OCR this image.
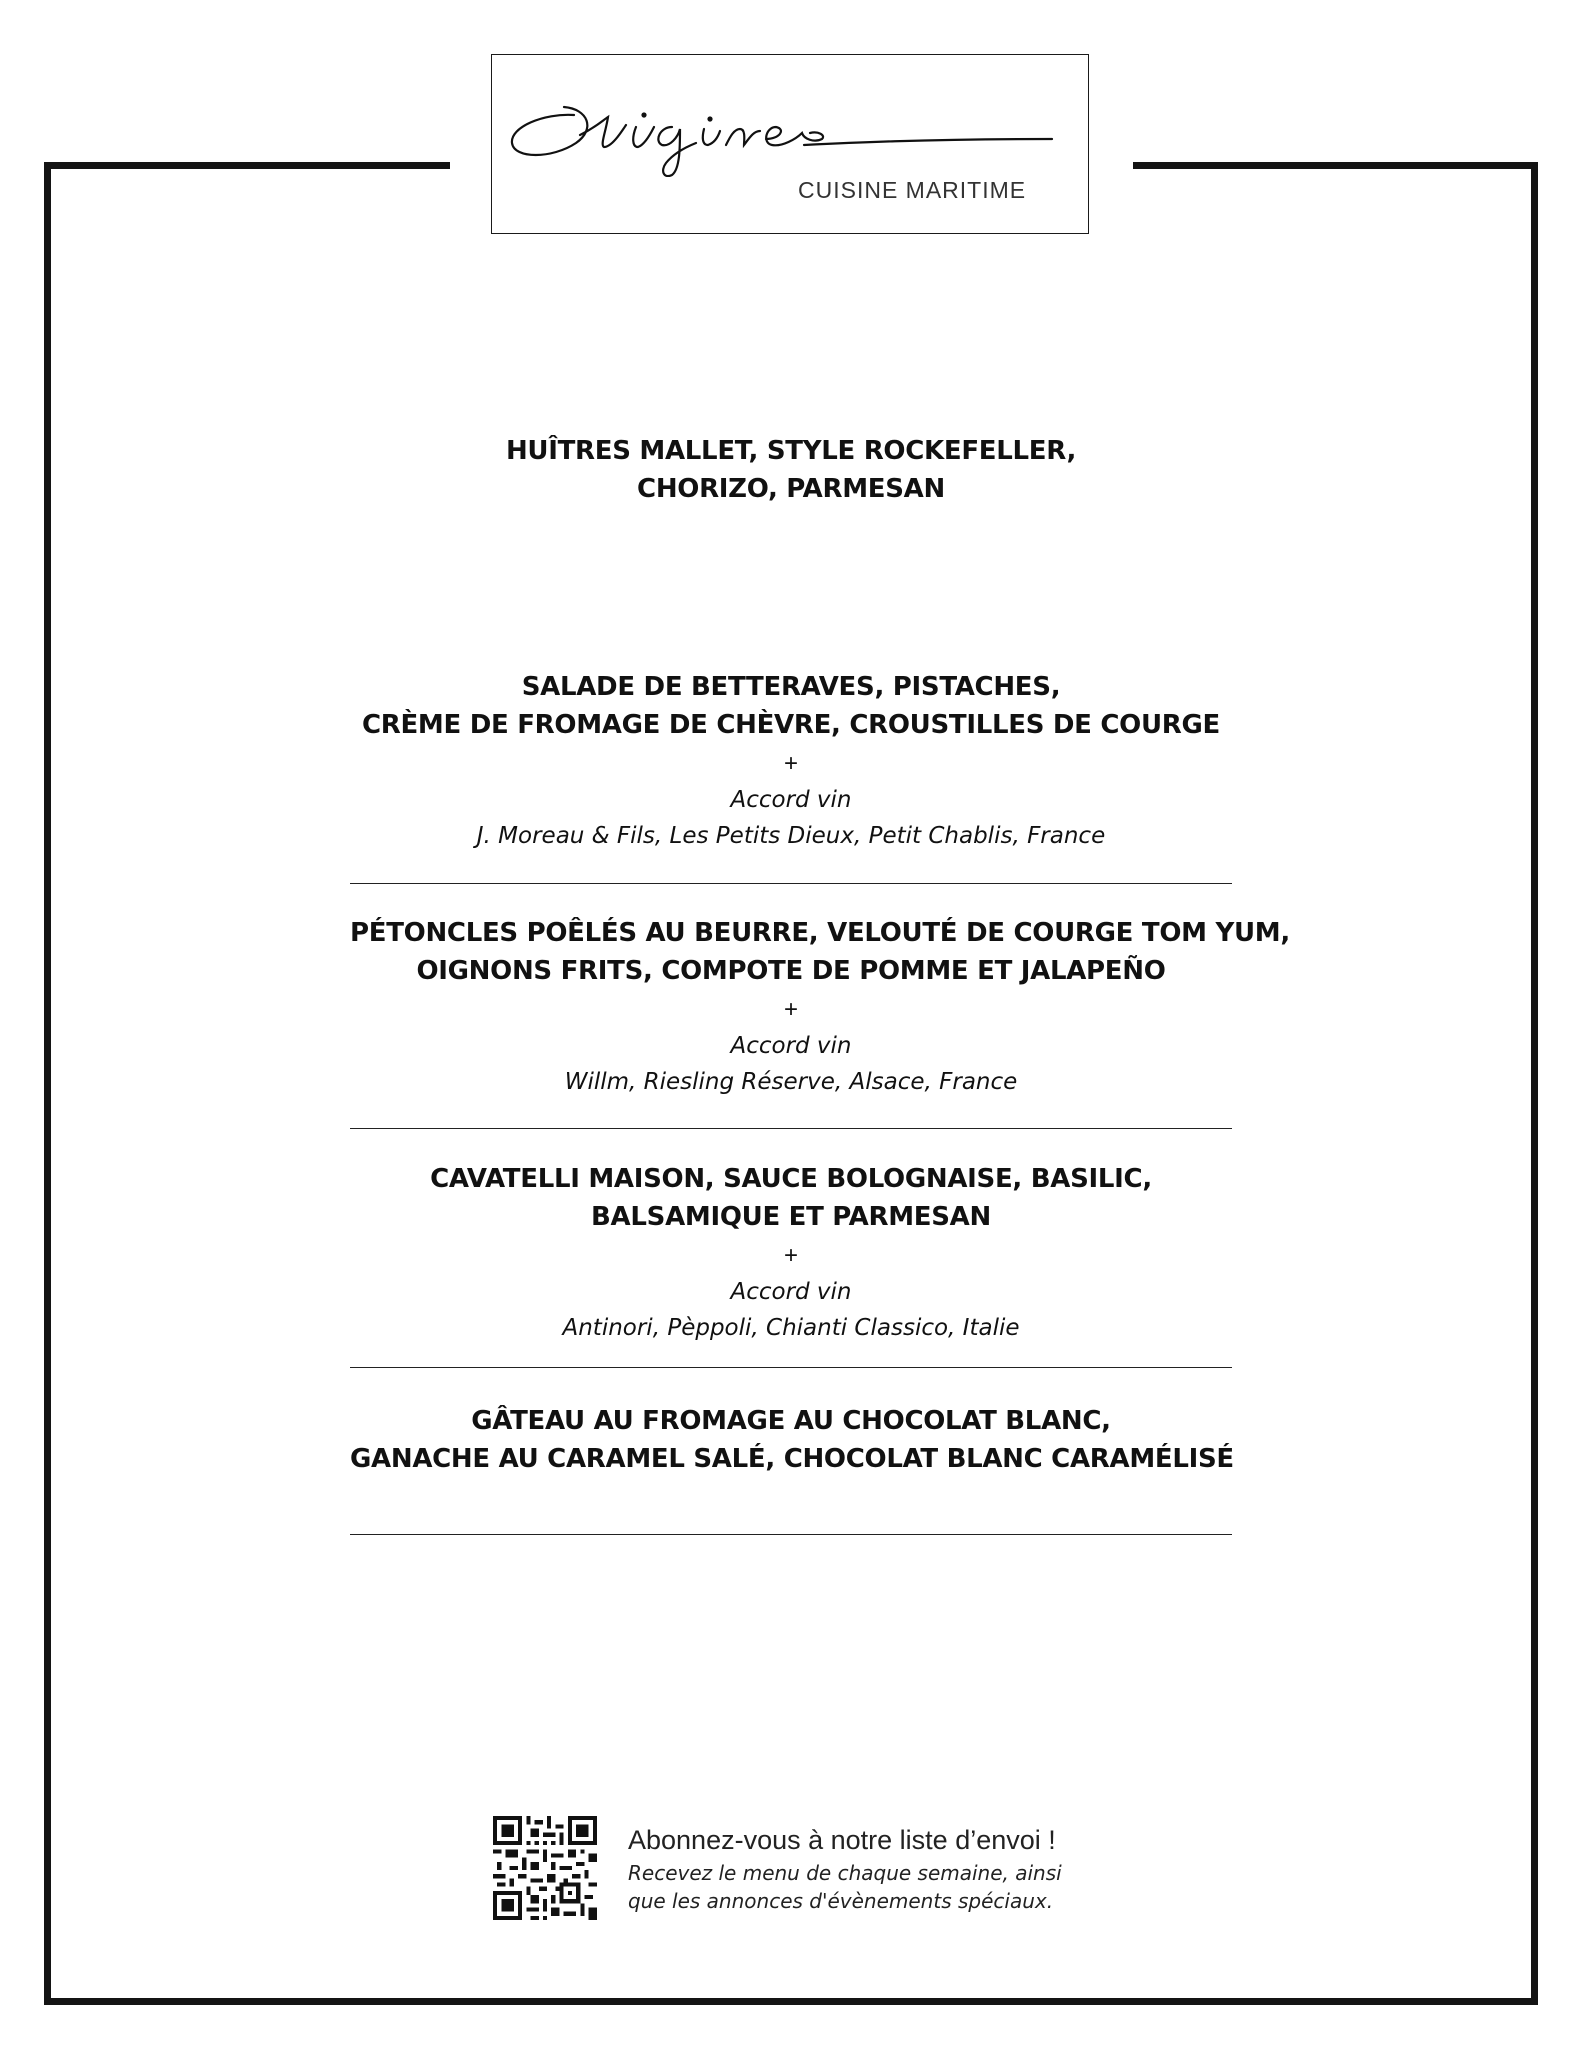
CUISINE MARITIME
HUÎTRES MALLET, STYLE ROCKEFELLER,
CHORIZO, PARMESAN
SALADE DE BETTERAVES, PISTACHES,
CRÈME DE FROMAGE DE CHÈVRE, CROUSTILLES DE COURGE
+
Accord vin
J. Moreau & Fils, Les Petits Dieux, Petit Chablis, France
PÉTONCLES POÊLÉS AU BEURRE, VELOUTÉ DE COURGE TOM YUM,
OIGNONS FRITS, COMPOTE DE POMME ET JALAPEÑO
+
Accord vin
Willm, Riesling Réserve, Alsace, France
CAVATELLI MAISON, SAUCE BOLOGNAISE, BASILIC,
BALSAMIQUE ET PARMESAN
+
Accord vin
Antinori, Pèppoli, Chianti Classico, Italie
GÂTEAU AU FROMAGE AU CHOCOLAT BLANC,
GANACHE AU CARAMEL SALÉ, CHOCOLAT BLANC CARAMÉLISÉ
Abonnez-vous à notre liste d’envoi !
Recevez le menu de chaque semaine, ainsi
que les annonces d'évènements spéciaux.
